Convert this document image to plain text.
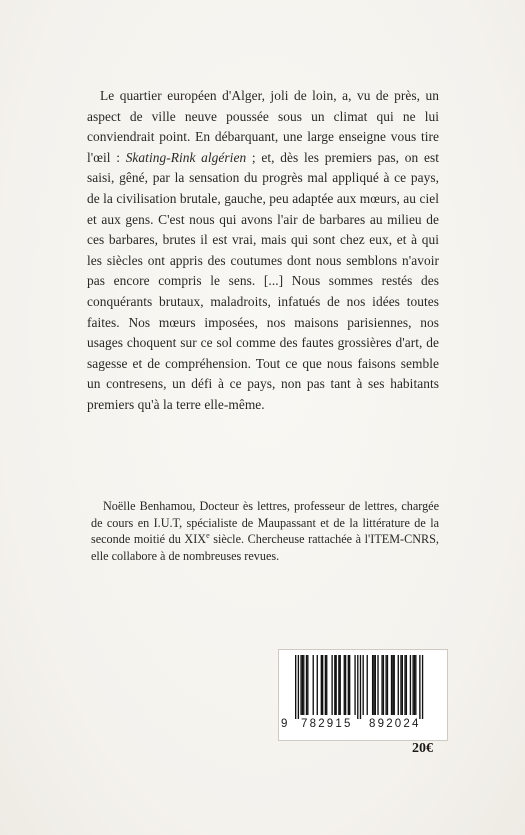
Le quartier européen d'Alger, joli de loin, a, vu de près, un aspect de ville neuve poussée sous un climat qui ne lui conviendrait point. En débarquant, une large enseigne vous tire l'œil : Skating-Rink algérien ; et, dès les premiers pas, on est saisi, gêné, par la sensation du progrès mal appliqué à ce pays, de la civilisation brutale, gauche, peu adaptée aux mœurs, au ciel et aux gens. C'est nous qui avons l'air de barbares au milieu de ces barbares, brutes il est vrai, mais qui sont chez eux, et à qui les siècles ont appris des coutumes dont nous semblons n'avoir pas encore compris le sens. [...] Nous sommes restés des conquérants brutaux, maladroits, infatués de nos idées toutes faites. Nos mœurs imposées, nos maisons parisiennes, nos usages choquent sur ce sol comme des fautes grossières d'art, de sagesse et de compréhension. Tout ce que nous faisons semble un contresens, un défi à ce pays, non pas tant à ses habitants premiers qu'à la terre elle-même.

Noëlle Benhamou, Docteur ès lettres, professeur de lettres, chargée de cours en I.U.T, spécialiste de Maupassant et de la littérature de la seconde moitié du XIXe siècle. Chercheuse rattachée à l'ITEM-CNRS, elle collabore à de nombreuses revues.

9

782915

892024

20€
